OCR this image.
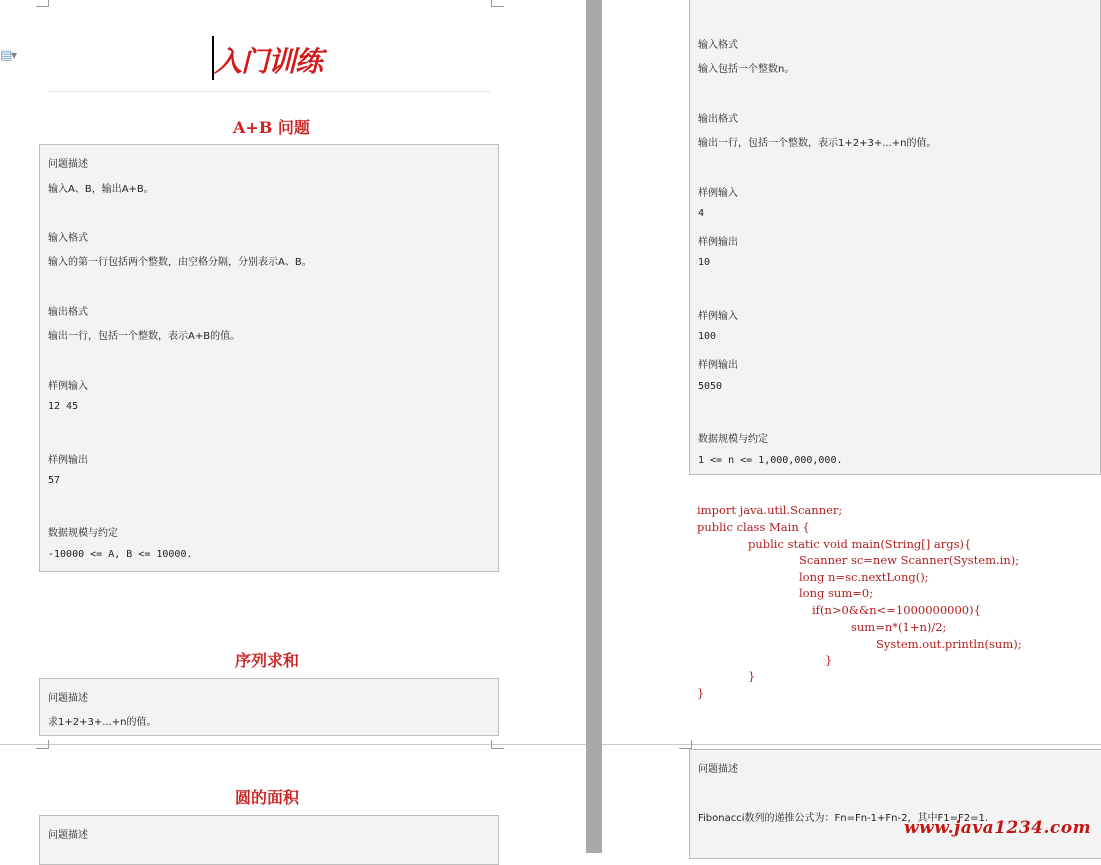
▤
▼	入门训练
A+B 问题
问题描述
输入A、B，输出A+B。
输入格式
输入的第一行包括两个整数，由空格分隔，分别表示A、B。
输出格式
输出一行，包括一个整数，表示A+B的值。
样例输入
12 45
样例输出
57
数据规模与约定
-10000 <= A, B <= 10000.
序列求和
问题描述
求1+2+3+...+n的值。
圆的面积
问题描述
输入格式
输入包括一个整数n。
输出格式
输出一行，包括一个整数，表示1+2+3+...+n的值。
样例输入
4
样例输出
10
样例输入
100
样例输出
5050
数据规模与约定
1 <= n <= 1,000,000,000.
import java.util.Scanner;
public class Main {
public static void main(String[] args){
Scanner sc=new Scanner(System.in);
long n=sc.nextLong();
long sum=0;
if(n>0&&n<=1000000000){
sum=n*(1+n)/2;
System.out.println(sum);
}
}
}
问题描述
Fibonacci数列的递推公式为：Fn=Fn-1+Fn-2，其中F1=F2=1.
www.java1234.com
